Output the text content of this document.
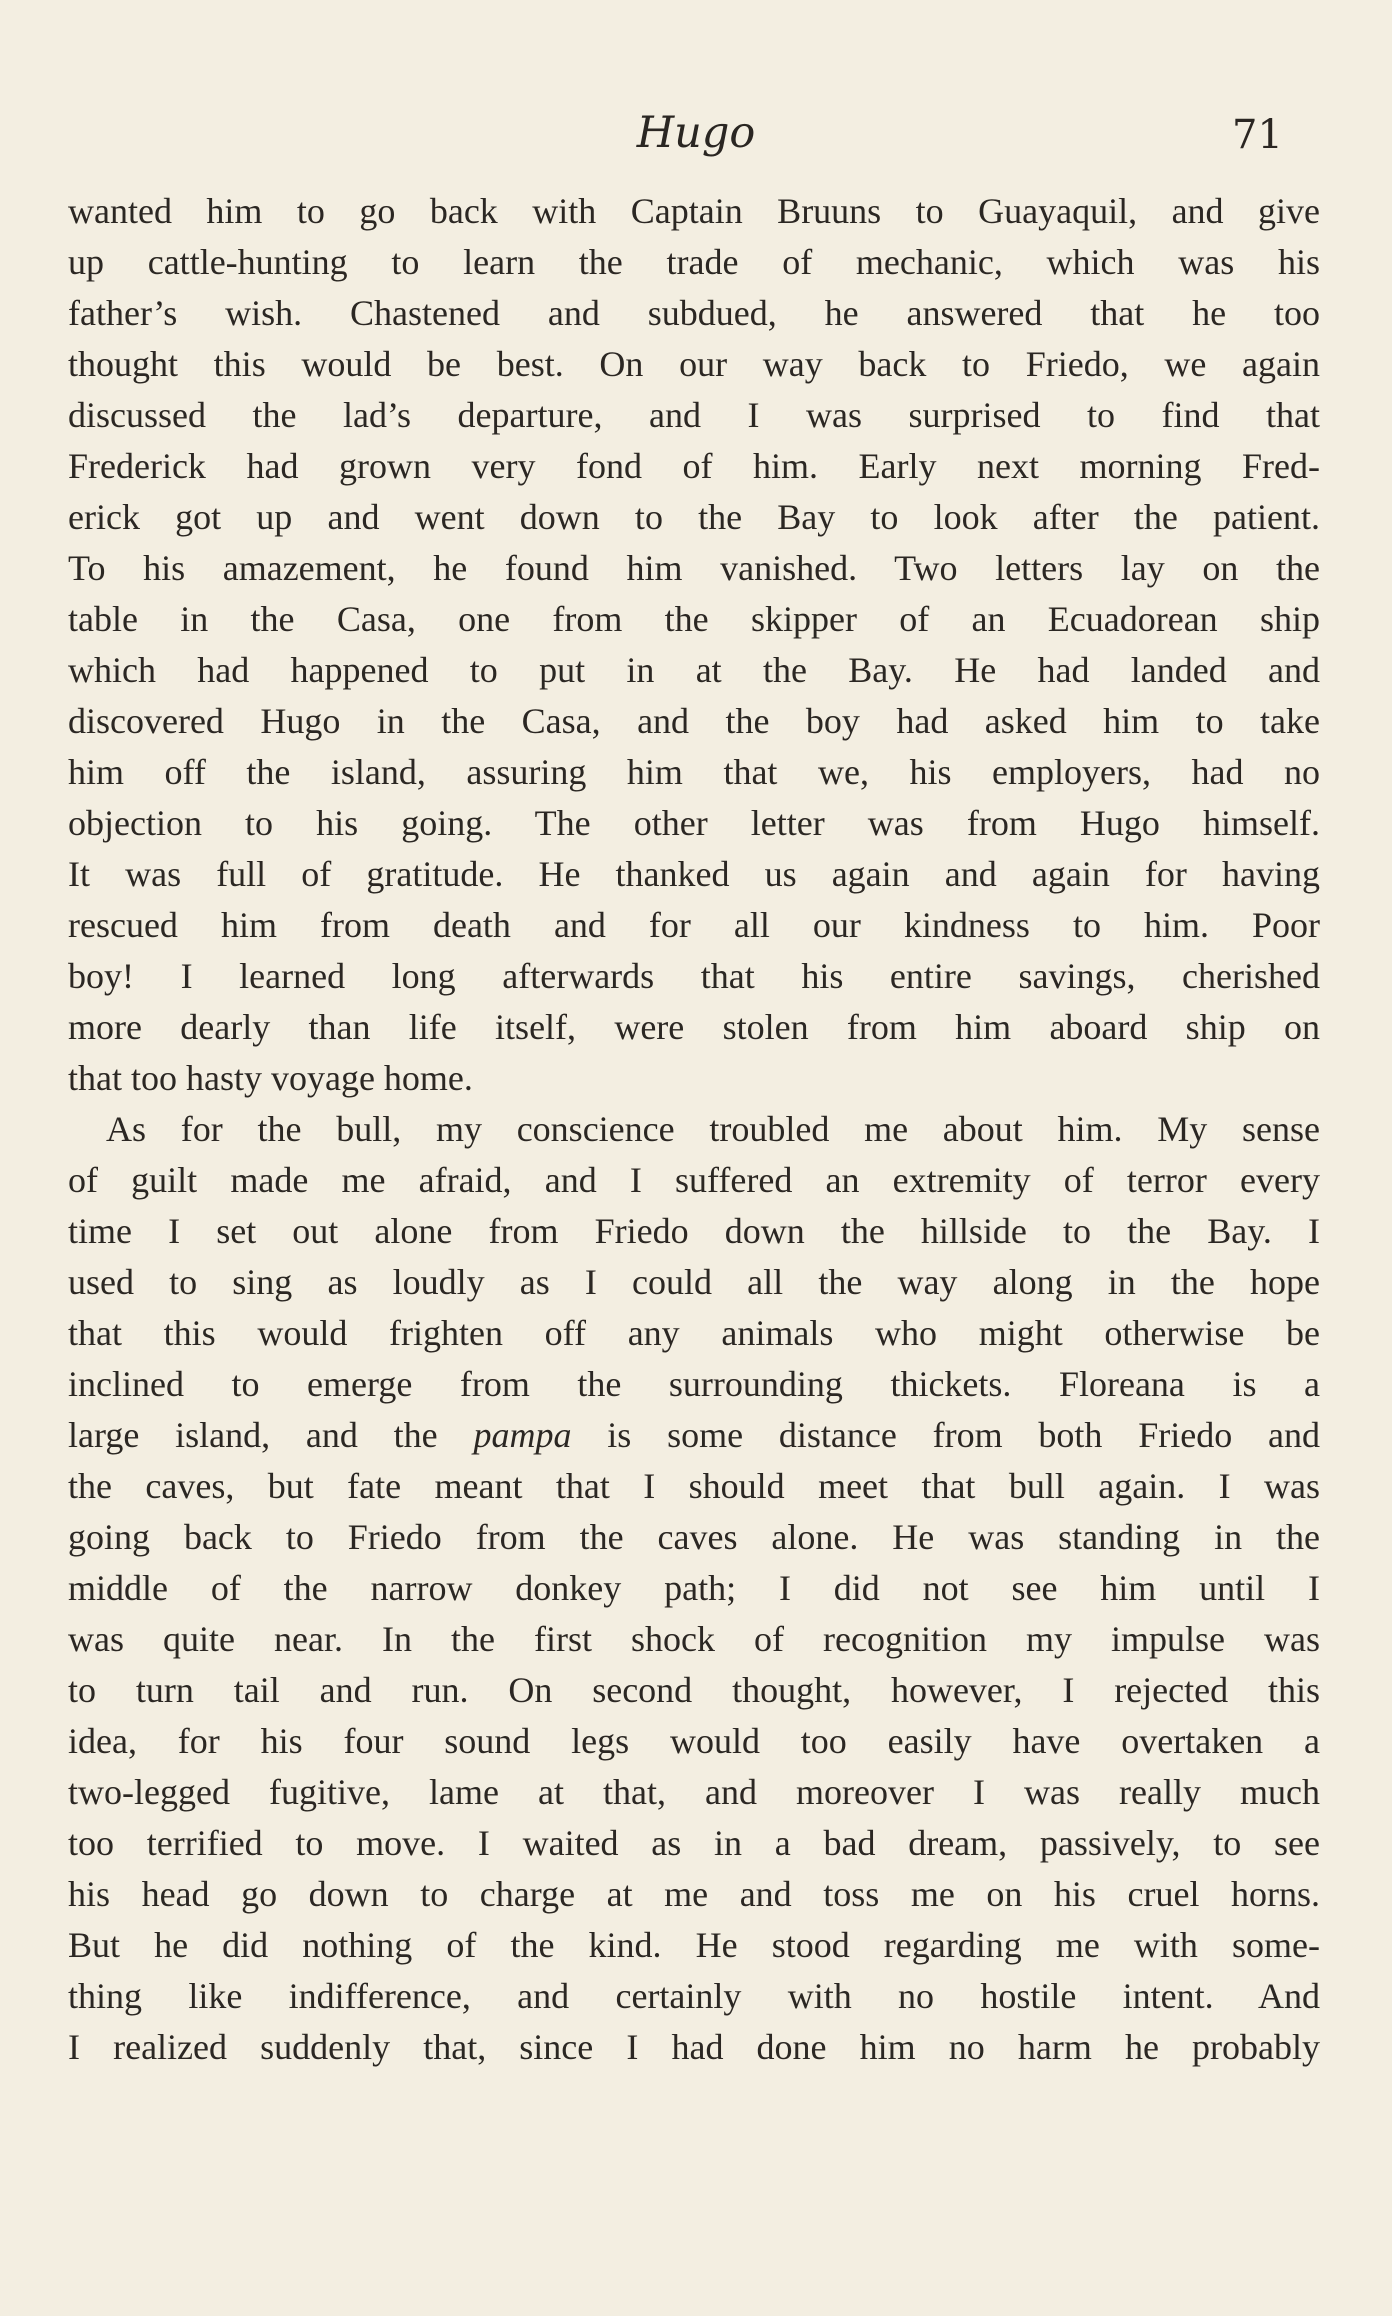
Hugo	71
wanted him to go back with Captain Bruuns to Guayaquil, and give
up cattle-hunting to learn the trade of mechanic, which was his
father’s wish. Chastened and subdued, he answered that he too
thought this would be best. On our way back to Friedo, we again
discussed the lad’s departure, and I was surprised to find that
Frederick had grown very fond of him. Early next morning Fred-
erick got up and went down to the Bay to look after the patient.
To his amazement, he found him vanished. Two letters lay on the
table in the Casa, one from the skipper of an Ecuadorean ship
which had happened to put in at the Bay. He had landed and
discovered Hugo in the Casa, and the boy had asked him to take
him off the island, assuring him that we, his employers, had no
objection to his going. The other letter was from Hugo himself.
It was full of gratitude. He thanked us again and again for having
rescued him from death and for all our kindness to him. Poor
boy! I learned long afterwards that his entire savings, cherished
more dearly than life itself, were stolen from him aboard ship on
that too hasty voyage home.
As for the bull, my conscience troubled me about him. My sense
of guilt made me afraid, and I suffered an extremity of terror every
time I set out alone from Friedo down the hillside to the Bay. I
used to sing as loudly as I could all the way along in the hope
that this would frighten off any animals who might otherwise be
inclined to emerge from the surrounding thickets. Floreana is a
large island, and the pampa is some distance from both Friedo and
the caves, but fate meant that I should meet that bull again. I was
going back to Friedo from the caves alone. He was standing in the
middle of the narrow donkey path; I did not see him until I
was quite near. In the first shock of recognition my impulse was
to turn tail and run. On second thought, however, I rejected this
idea, for his four sound legs would too easily have overtaken a
two-legged fugitive, lame at that, and moreover I was really much
too terrified to move. I waited as in a bad dream, passively, to see
his head go down to charge at me and toss me on his cruel horns.
But he did nothing of the kind. He stood regarding me with some-
thing like indifference, and certainly with no hostile intent. And
I realized suddenly that, since I had done him no harm he probably
